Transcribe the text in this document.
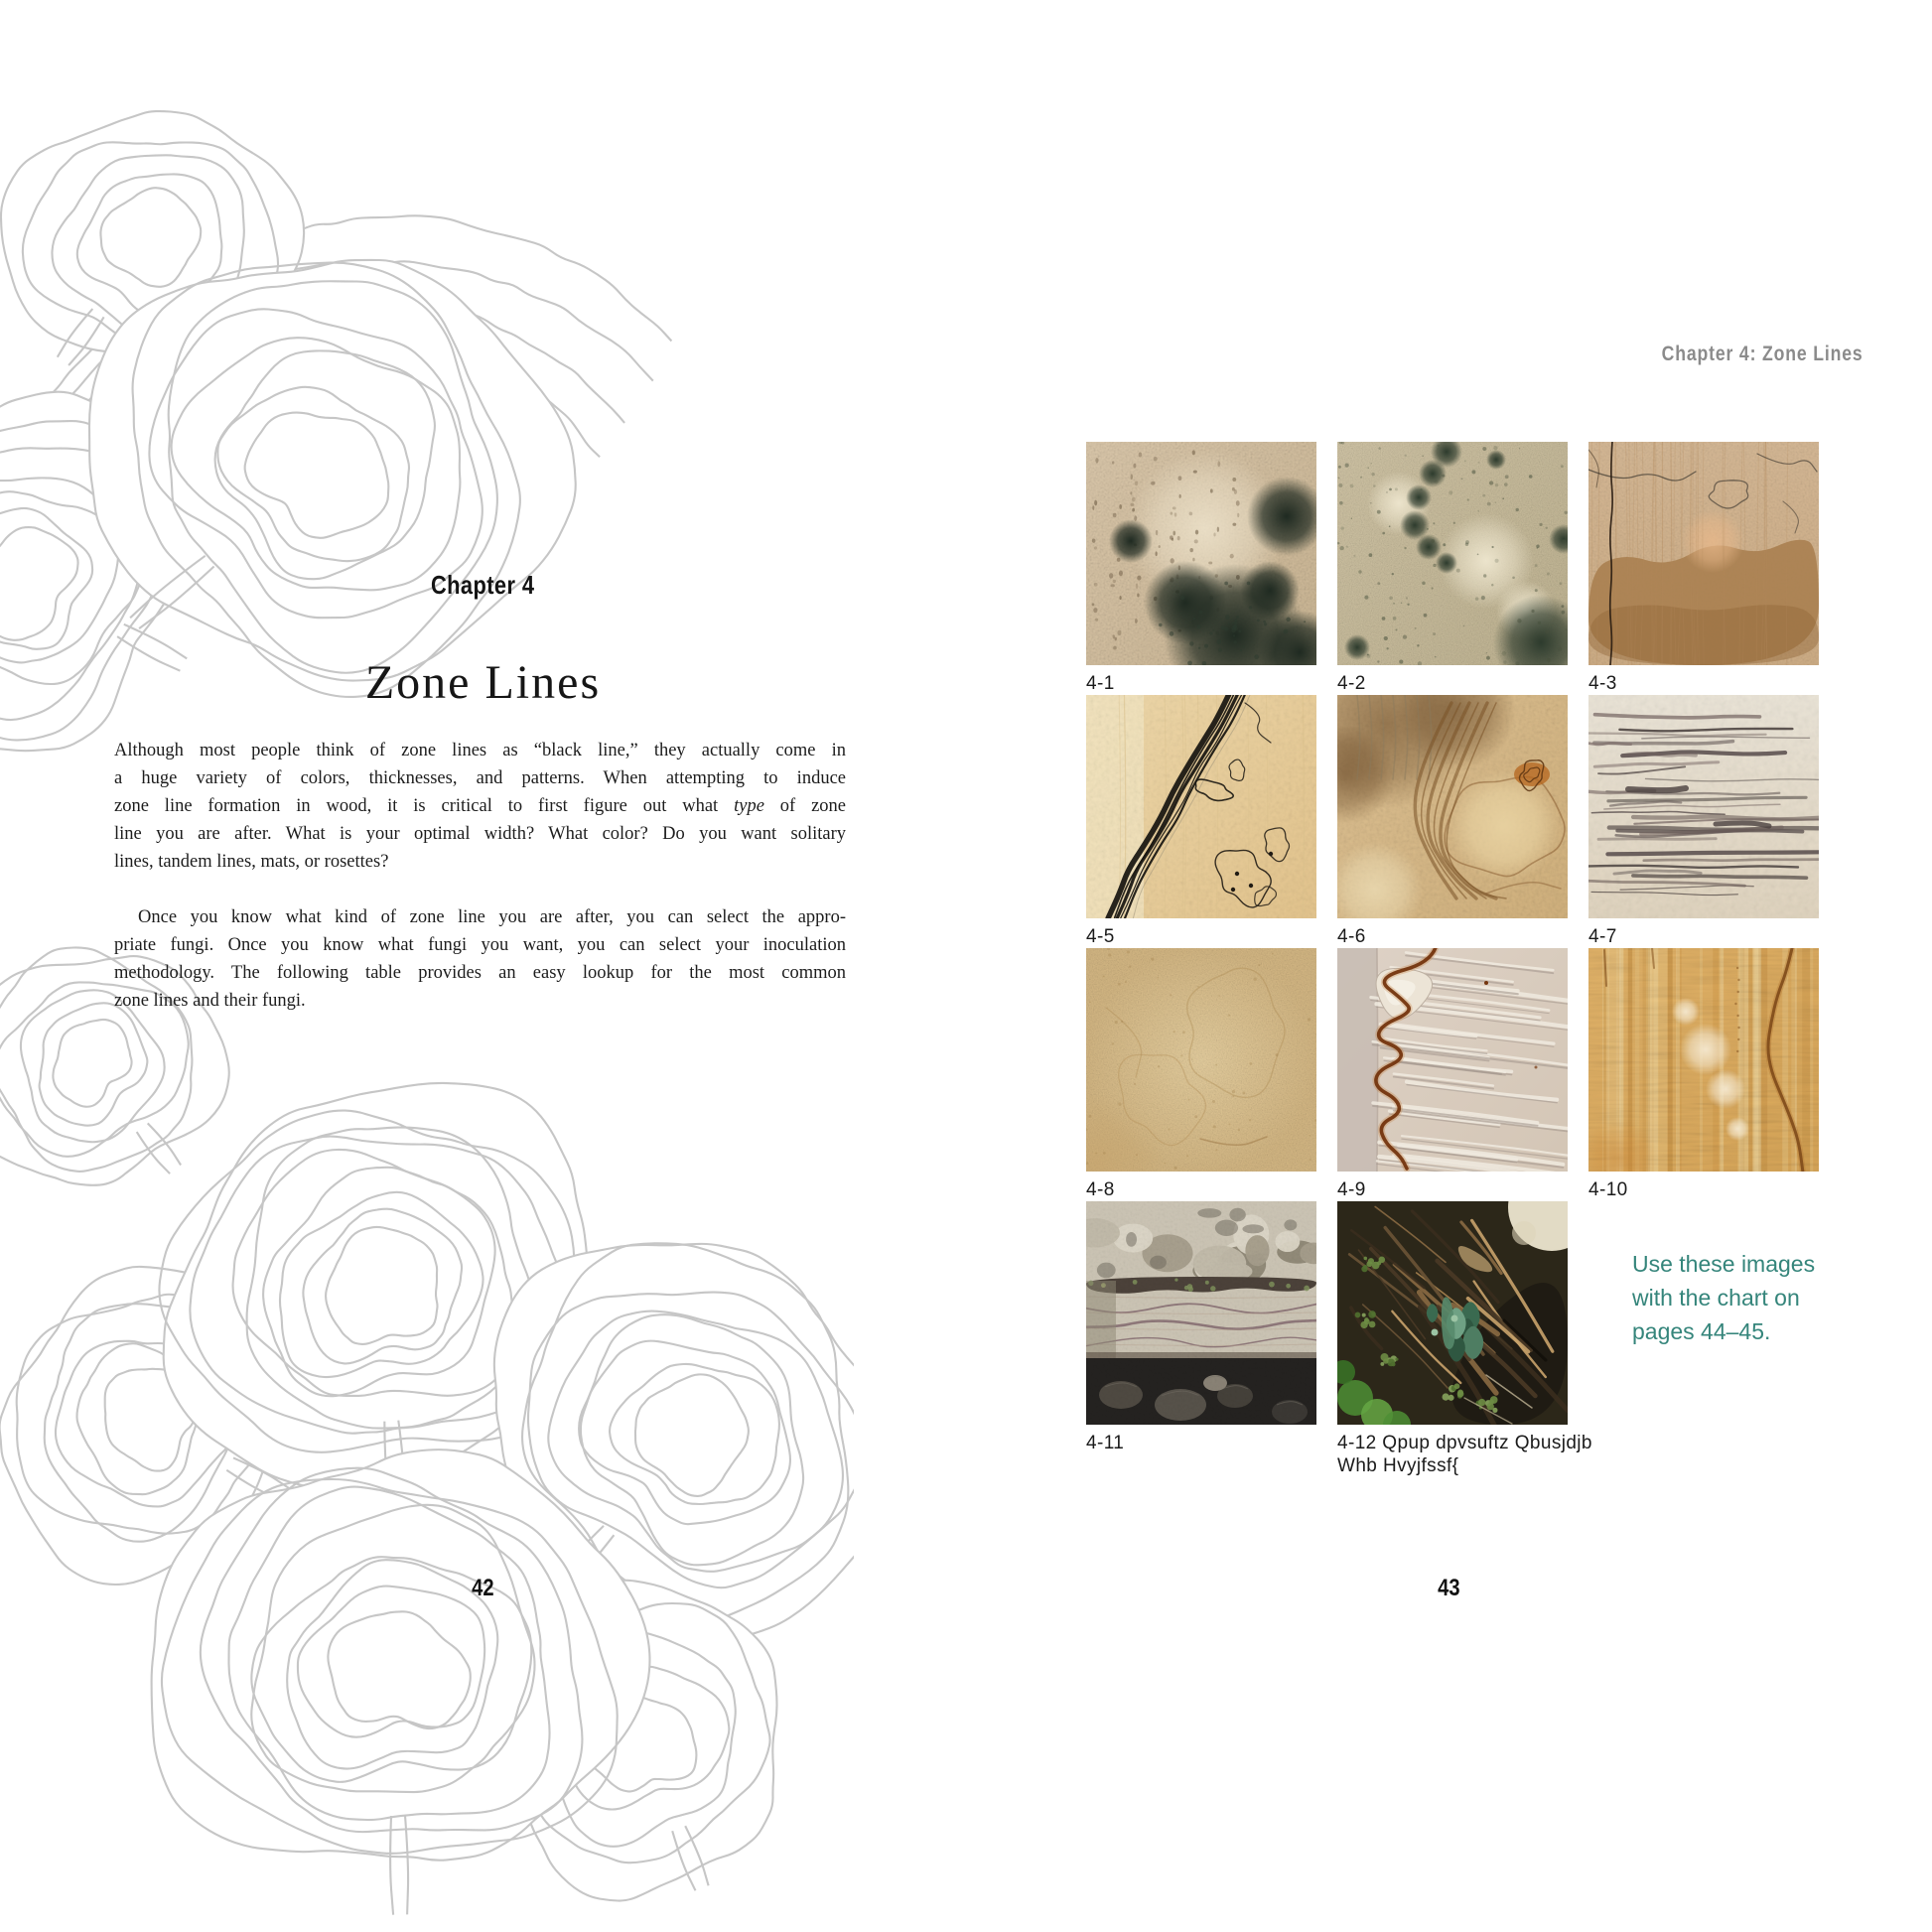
Chapter 4
Zone Lines
Although most people think of zone lines as “black line,” they actually come in
a huge variety of colors, thicknesses, and patterns. When attempting to induce
zone line formation in wood, it is critical to first figure out what type of zone
line you are after. What is your optimal width? What color? Do you want solitary
lines, tandem lines, mats, or rosettes?
Once you know what kind of zone line you are after, you can select the appro-
priate fungi. Once you know what fungi you want, you can select your inoculation
methodology. The following table provides an easy lookup for the most common
zone lines and their fungi.
42
Chapter 4: Zone Lines
4-1	4-2	4-3
4-5	4-6	4-7
4-8	4-9	4-10
4-11	4-12 Qpup dpvsuftz Qbusjdjb
Whb Hvyjfssf{
Use these images
with the chart on
pages 44–45.
43
